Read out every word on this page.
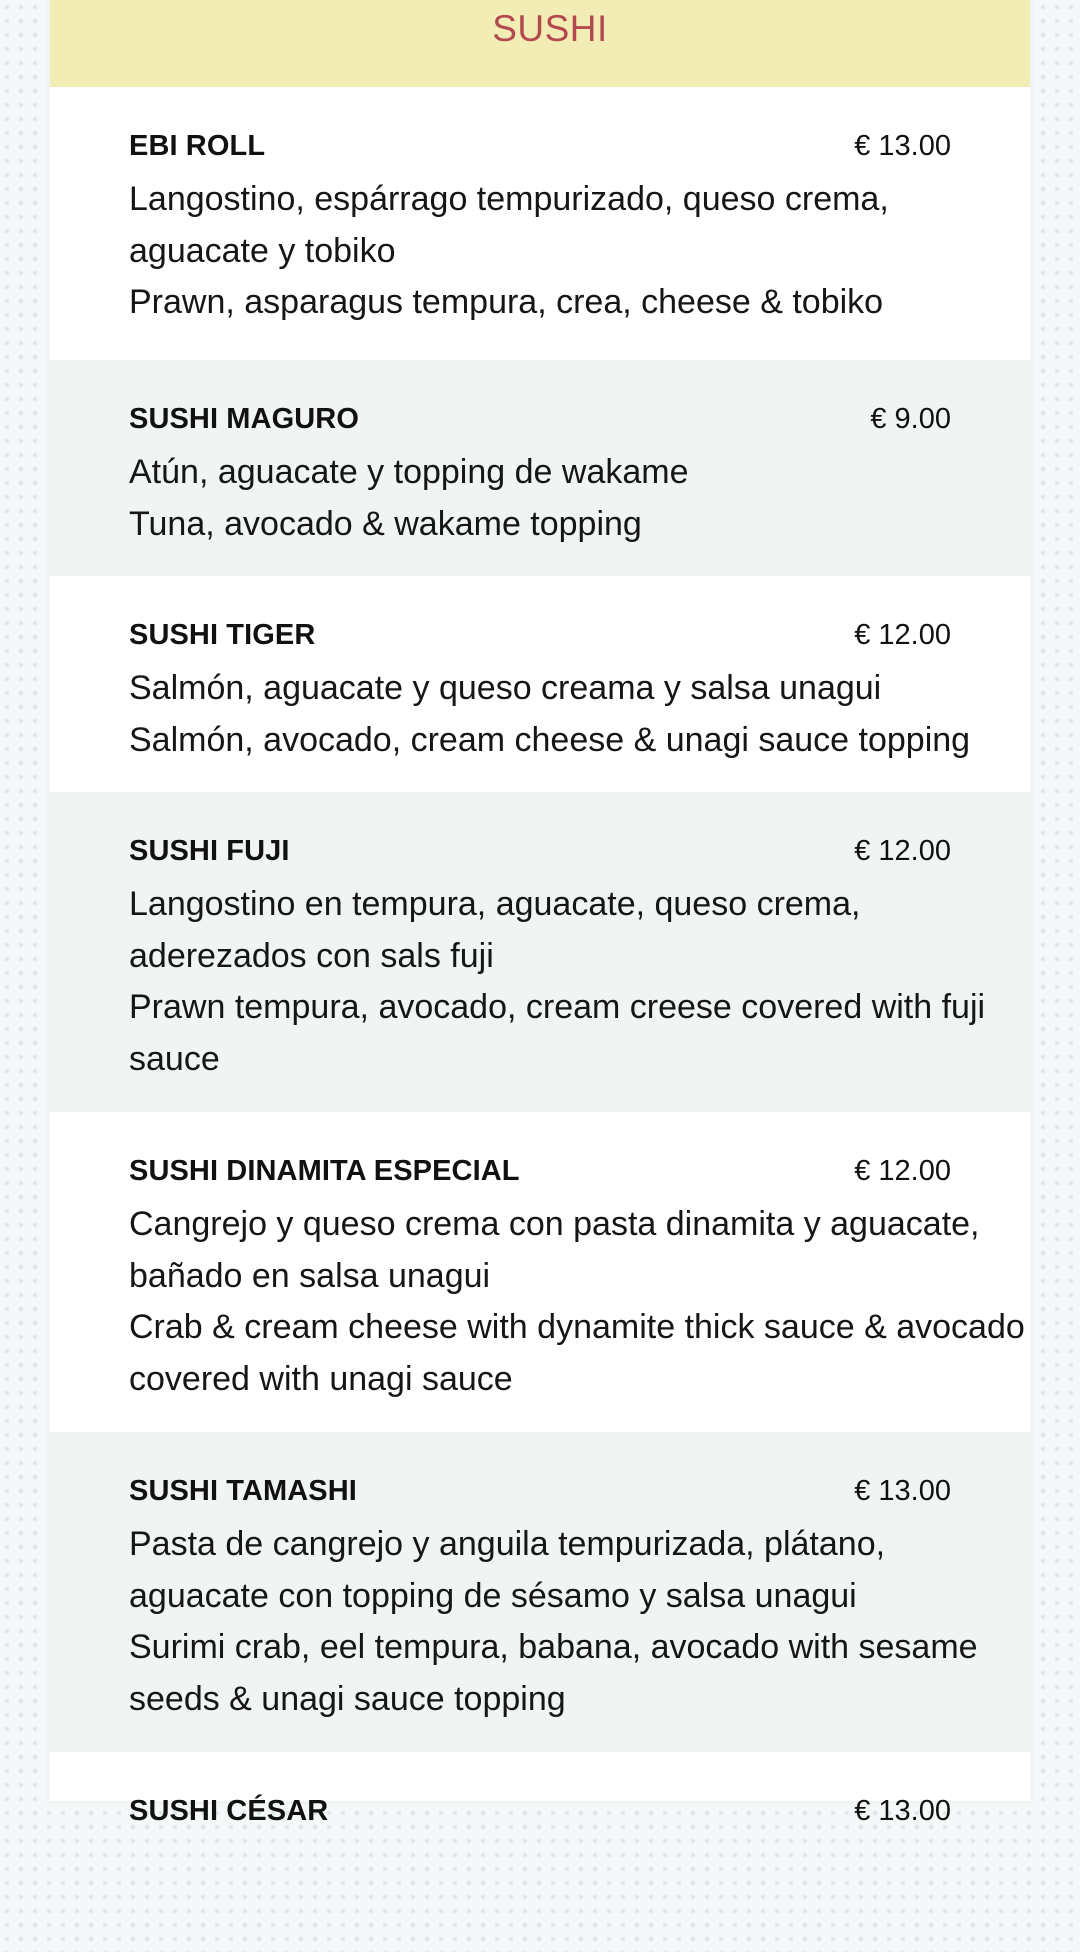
SUSHI
EBI ROLL	€ 13.00
Langostino, espárrago tempurizado, queso crema, aguacate y tobiko
Prawn, asparagus tempura, crea, cheese & tobiko
SUSHI MAGURO	€ 9.00
Atún, aguacate y topping de wakame
Tuna, avocado & wakame topping
SUSHI TIGER	€ 12.00
Salmón, aguacate y queso creama y salsa unagui
Salmón, avocado, cream cheese & unagi sauce topping
SUSHI FUJI	€ 12.00
Langostino en tempura, aguacate, queso crema, aderezados con sals fuji
Prawn tempura, avocado, cream creese covered with fuji sauce
SUSHI DINAMITA ESPECIAL	€ 12.00
Cangrejo y queso crema con pasta dinamita y aguacate, bañado en salsa unagui
Crab & cream cheese with dynamite thick sauce & avocado covered with unagi sauce
SUSHI TAMASHI	€ 13.00
Pasta de cangrejo y anguila tempurizada, plátano, aguacate con topping de sésamo y salsa unagui
Surimi crab, eel tempura, babana, avocado with sesame seeds & unagi sauce topping
SUSHI CÉSAR	€ 13.00
